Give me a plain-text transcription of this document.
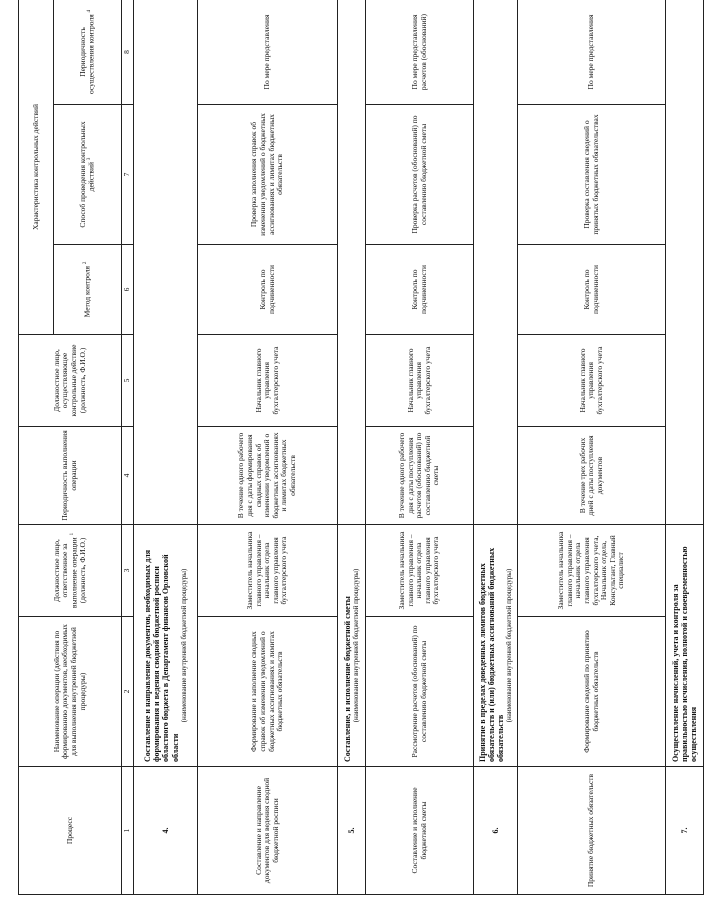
Процесс	Наименование операции (действия по формированию документов, необходимых для выполнения внутренней бюджетной процедуры)	Должностное лицо, ответственное за выполнение операции $^1$ (должность, Ф.И.О.)	Периодичность выполнения операции	Должностное лицо, осуществляющее контрольные действие (должность, Ф.И.О.)	Характеристика контрольных действий		
					Метод контроля $^2$	Способ проведения контрольных действий $^3$	Периодичность осуществления контроля $^4$
1	2	3	4	5	6	7	8
4.	Составление и направление документов, необходимых для формирования и ведения сводной бюджетной росписи областного бюджета в Департамент финансов Орловской области
(наименование внутренней бюджетной процедуры)						

Составление и направление документов для ведения сводной бюджетной росписи	Формирование и заполнение сводных справок об изменении уведомлений о бюджетных ассигнованиях и лимитах бюджетных обязательств	Заместитель начальника главного управления – начальник отдела главного управления бухгалтерского учета	В течение одного рабочего дня с даты формирования сводных справок об изменении уведомлений о бюджетных ассигнованиях и лимитах бюджетных обязательств	Начальник главного управления бухгалтерского учета	Контроль по подчиненности	Проверка заполнения справок об изменении уведомлений о бюджетных ассигнованиях и лимитах бюджетных обязательств	По мере представления
5.	Составление, и исполнение бюджетной сметы (наименование внутренней бюджетной процедуры)						

Составление и исполнение бюджетной сметы	Рассмотрение расчетов (обоснований) по составлению бюджетной сметы	Заместитель начальника главного управления – начальник отдела главного управления бухгалтерского учета	В течение одного рабочего дня с даты поступления расчетов (обоснований) по составлению бюджетной сметы	Начальник главного управления бухгалтерского учета	Контроль по подчиненности	Проверка расчетов (обоснований) по составлению бюджетной сметы	По мере представления расчетов (обоснований)
6.	Принятие в пределах доведенных лимитов бюджетных обязательств и (или) бюджетных ассигнований бюджетных обязательств
(наименование внутренней бюджетной процедуры)						

Принятие бюджетных обязательств	Формирование сведений по принятию бюджетных обязательств	Заместитель начальника главного управления – начальник отдела главного управления бухгалтерского учета, Начальник отдела, Консультант, Главный специалист	В течение трех рабочих дней с даты поступления документов	Начальник главного управления бухгалтерского учета	Контроль по подчиненности	Проверка составления сведений о принятых бюджетных обязательствах	По мере представления
7.	Осуществление начислений, учета и контроля за правильностью исчисления, полнотой и своевременностью осуществления						
